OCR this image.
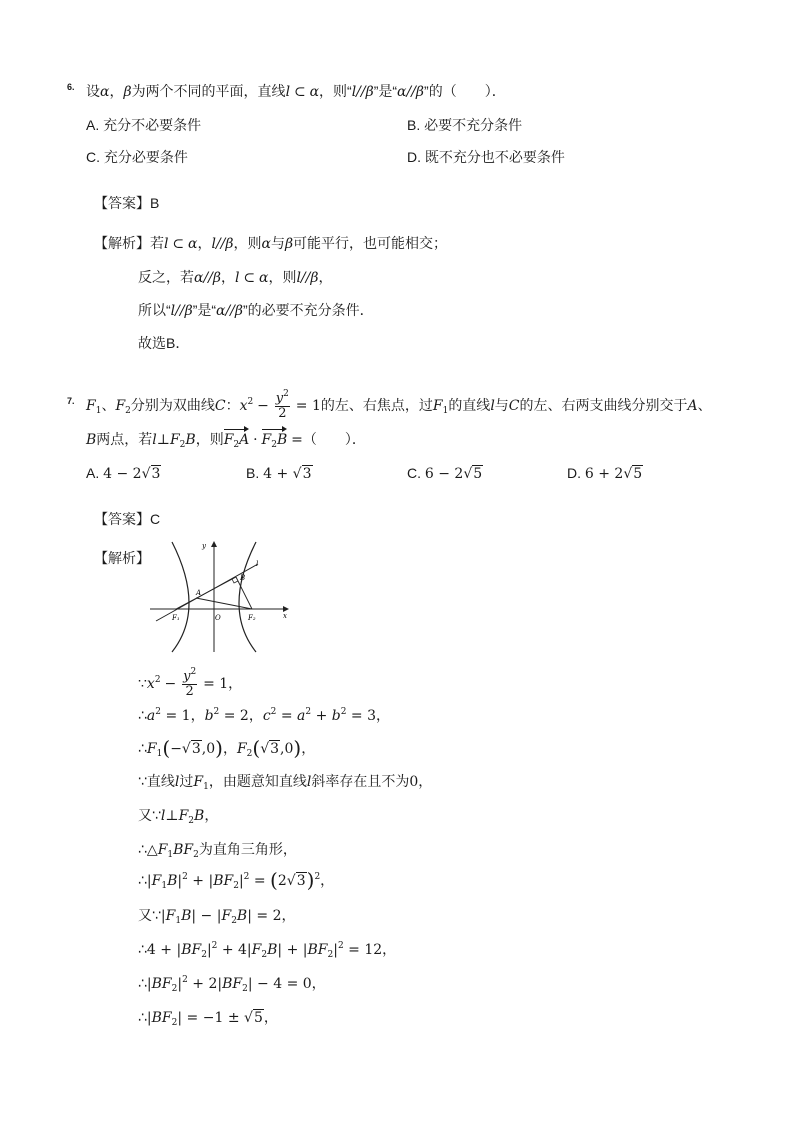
6. 设α，β为两个不同的平面，直线l ⊂ α，则“l//β”是“α//β”的（　　）．
A. 充分不必要条件	B. 必要不充分条件
C. 充分必要条件	D. 既不充分也不必要条件
【答案】B
【解析】若l ⊂ α，l//β，则α与β可能平行，也可能相交；
反之，若α//β，l ⊂ α，则l//β，
所以“l//β”是“α//β”的必要不充分条件．
故选B．
7. $F_1$、$F_2$分别为双曲线C：$x^2 - \frac{y^2}{2} = 1$的左、右焦点，过$F_1$的直线l与C的左、右两支曲线分别交于A、
B两点，若$l\perp F_2B$，则$F_2A \cdot F_2B$ =（　　）．
A. 4 − 2√3	B. 4 + √3	C. 6 − 2√5	D. 6 + 2√5
【答案】C
【解析】
y
x
l
A
B
F₁	F₂
O
$\because x^2 - \frac{y^2}{2} = 1$，
$\therefore a^2 = 1$，$b^2 = 2$，$c^2 = a^2 + b^2 = 3$，
$\therefore F_1(-√3,0)$，$F_2(√3,0)$，
∵直线l过$F_1$，由题意知直线l斜率存在且不为0，
又$\because l\perp F_2B$，
$\therefore\triangle F_1BF_2$为直角三角形，
$\therefore|F_1B|^2 + |BF_2|^2 = (2√3)^2$，
又$\because|F_1B| - |F_2B| = 2$，
∴4 + $|BF_2|^2 + 4|F_2B| + |BF_2|^2 = 12$，
$\therefore|BF_2|^2 + 2|BF_2| - 4 = 0$，
$\therefore|BF_2| = -1 \pm √5$，
